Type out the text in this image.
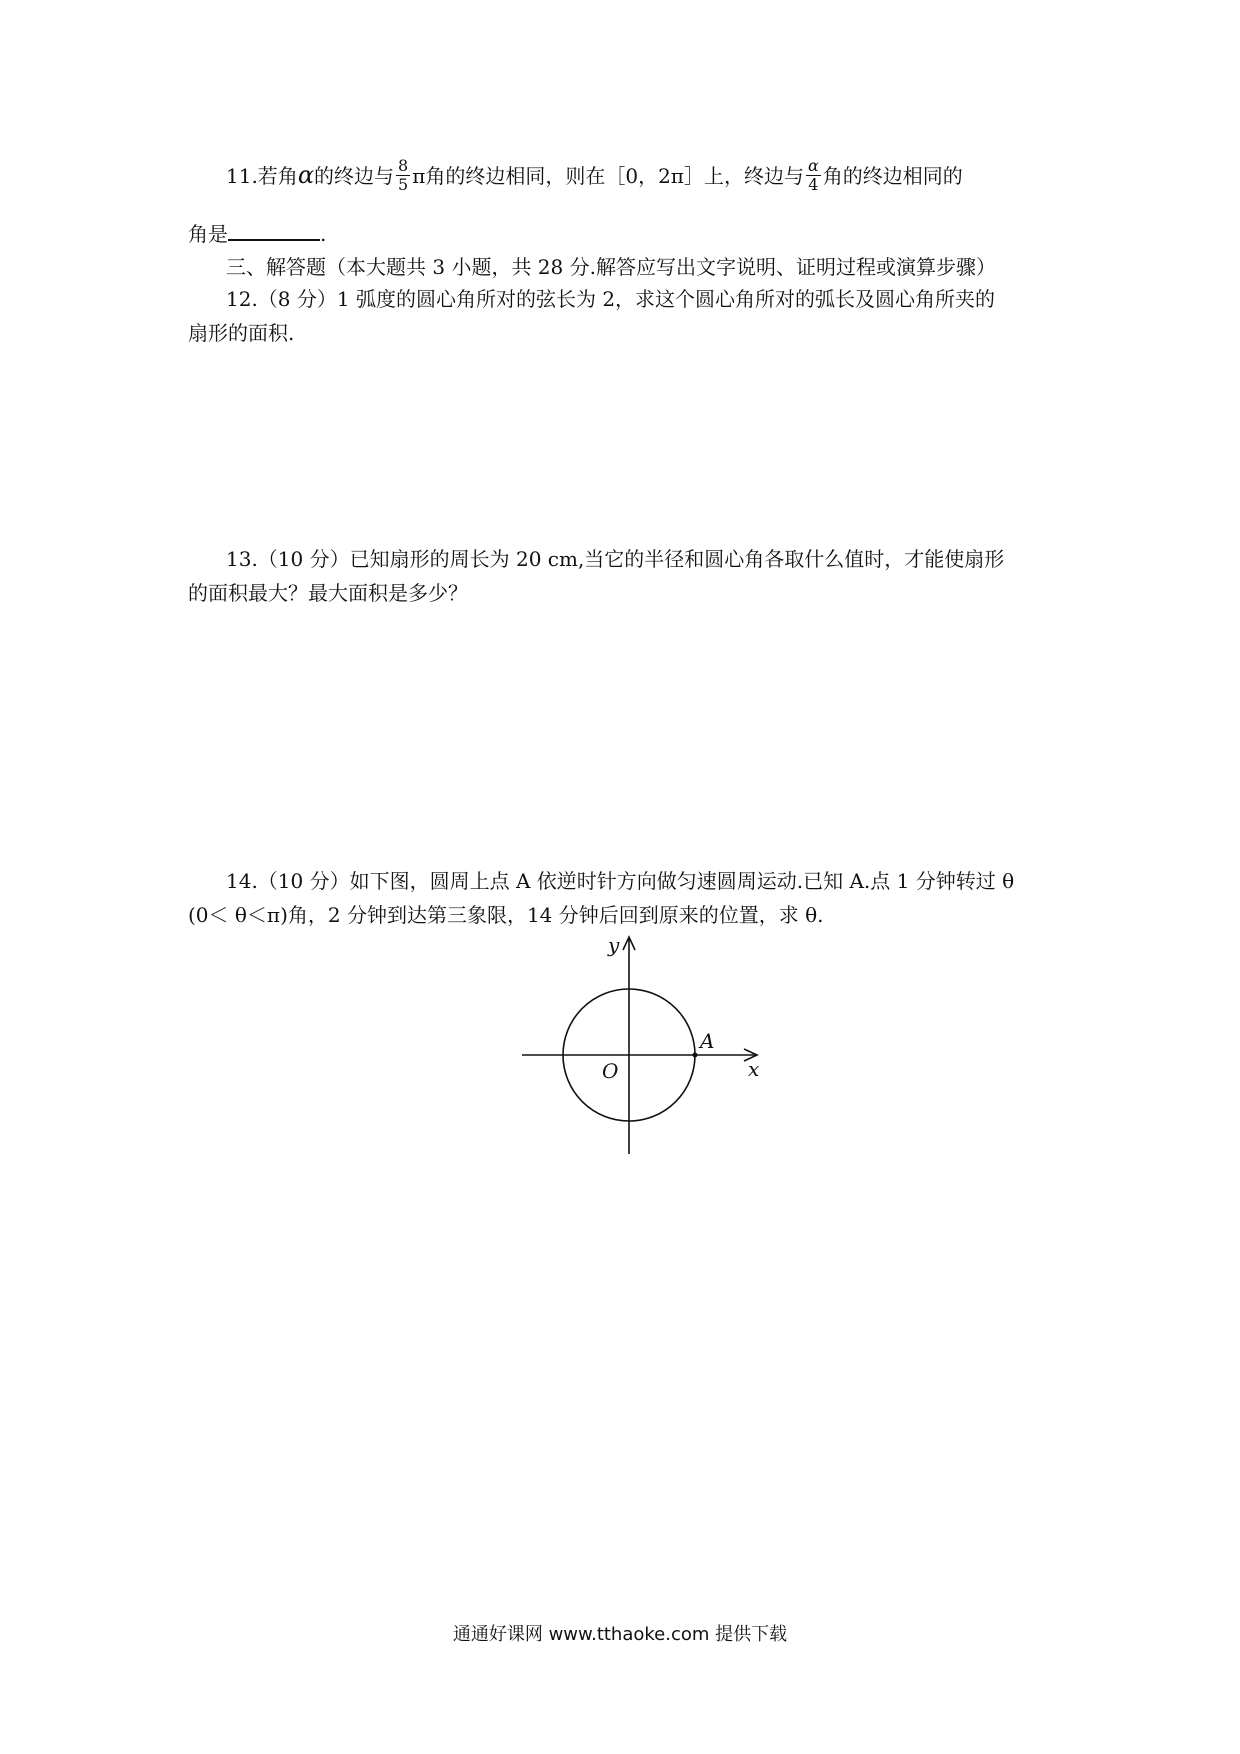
11.若角α的终边与 $\frac{8}{5}$ π角的终边相同，则在［0，2π］上，终边与 $\frac{\alpha}{4}$ 角的终边相同的
角是	.
三、解答题（本大题共 3 小题，共 28 分.解答应写出文字说明、证明过程或演算步骤）
12.（8 分）1 弧度的圆心角所对的弦长为 2，求这个圆心角所对的弧长及圆心角所夹的
扇形的面积.
13.（10 分）已知扇形的周长为 20 cm,当它的半径和圆心角各取什么值时，才能使扇形
的面积最大？最大面积是多少？
14.（10 分）如下图，圆周上点 A 依逆时针方向做匀速圆周运动.已知 A.点 1 分钟转过 θ
(0＜ θ＜π)角，2 分钟到达第三象限，14 分钟后回到原来的位置，求 θ.
y
x
O
A
通通好课网 www.tthaoke.com 提供下载
